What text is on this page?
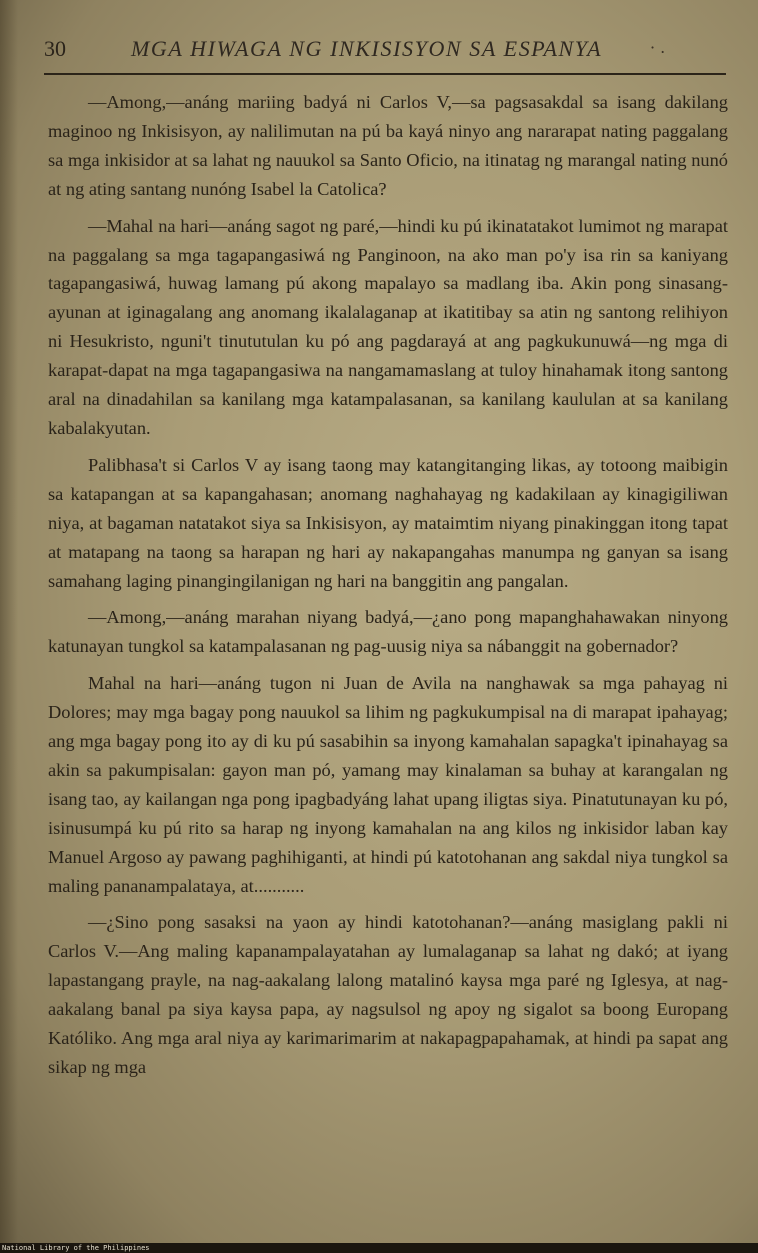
30	MGA HIWAGA NG INKISISYON SA ESPANYA	· .

—Among,—anáng mariing badyá ni Carlos V,—sa pagsasakdal sa isang dakilang maginoo ng Inkisisyon, ay nalilimutan na pú ba kayá ninyo ang nararapat nating paggalang sa mga inkisidor at sa lahat ng nauukol sa Santo Oficio, na itinatag ng marangal nating nunó at ng ating santang nunóng Isabel la Catolica?

—Mahal na hari—anáng sagot ng paré,—hindi ku pú ikinatatakot lumimot ng marapat na paggalang sa mga tagapangasiwá ng Panginoon, na ako man po'y isa rin sa kaniyang tagapangasiwá, huwag lamang pú akong mapalayo sa madlang iba. Akin pong sinasang-ayunan at iginagalang ang anomang ikalalaganap at ikatitibay sa atin ng santong relihiyon ni Hesukristo, nguni't tinututulan ku pó ang pagdarayá at ang pagkukunuwá—ng mga di karapat-dapat na mga tagapangasiwa na nangamamaslang at tuloy hinahamak itong santong aral na dinadahilan sa kanilang mga katampalasanan, sa kanilang kaululan at sa kanilang kabalakyutan.

Palibhasa't si Carlos V ay isang taong may katangitanging likas, ay totoong maibigin sa katapangan at sa kapangahasan; anomang naghahayag ng kadakilaan ay kinagigiliwan niya, at bagaman natatakot siya sa Inkisisyon, ay mataimtim niyang pinakinggan itong tapat at matapang na taong sa harapan ng hari ay nakapangahas manumpa ng ganyan sa isang samahang laging pinangingilanigan ng hari na banggitin ang pangalan.

—Among,—anáng marahan niyang badyá,—¿ano pong mapanghahawakan ninyong katunayan tungkol sa katampalasanan ng pag-uusig niya sa nábanggit na gobernador?

Mahal na hari—anáng tugon ni Juan de Avila na nanghawak sa mga pahayag ni Dolores; may mga bagay pong nauukol sa lihim ng pagkukumpisal na di marapat ipahayag; ang mga bagay pong ito ay di ku pú sasabihin sa inyong kamahalan sapagka't ipinahayag sa akin sa pakumpisalan: gayon man pó, yamang may kinalaman sa buhay at karangalan ng isang tao, ay kailangan nga pong ipagbadyáng lahat upang iligtas siya. Pinatutunayan ku pó, isinusumpá ku pú rito sa harap ng inyong kamahalan na ang kilos ng inkisidor laban kay Manuel Argoso ay pawang paghihiganti, at hindi pú katotohanan ang sakdal niya tungkol sa maling pananampalataya, at...........

—¿Sino pong sasaksi na yaon ay hindi katotohanan?—anáng masiglang pakli ni Carlos V.—Ang maling kapanampalayatahan ay lumalaganap sa lahat ng dakó; at iyang lapastangang prayle, na nag-aakalang lalong matalinó kaysa mga paré ng Iglesya, at nag-aakalang banal pa siya kaysa papa, ay nagsulsol ng apoy ng sigalot sa boong Europang Katóliko. Ang mga aral niya ay karimarimarim at nakapagpapahamak, at hindi pa sapat ang sikap ng mga

National Library of the Philippines
